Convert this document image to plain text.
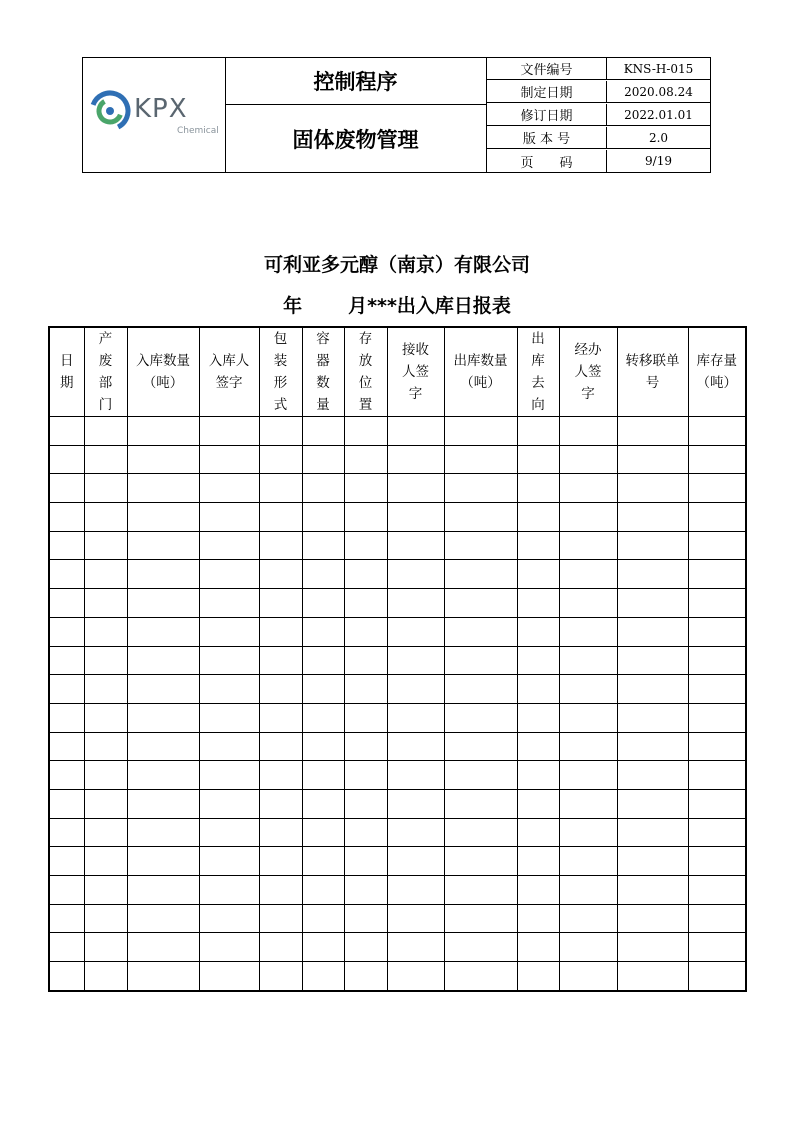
KPX
Chemical
控制程序
固体废物管理
文件编号	KNS-H-015
制定日期	2020.08.24
修订日期	2022.01.01
版 本 号	2.0
页　　码	9/19
可利亚多元醇（南京）有限公司
年 月***出入库日报表
日期	产废部门	入库数量（吨）	入库人签字	包装形式	容器数量	存放位置	接收人签字	出库数量（吨）	出库去向	经办人签字	转移联单号	库存量（吨）
